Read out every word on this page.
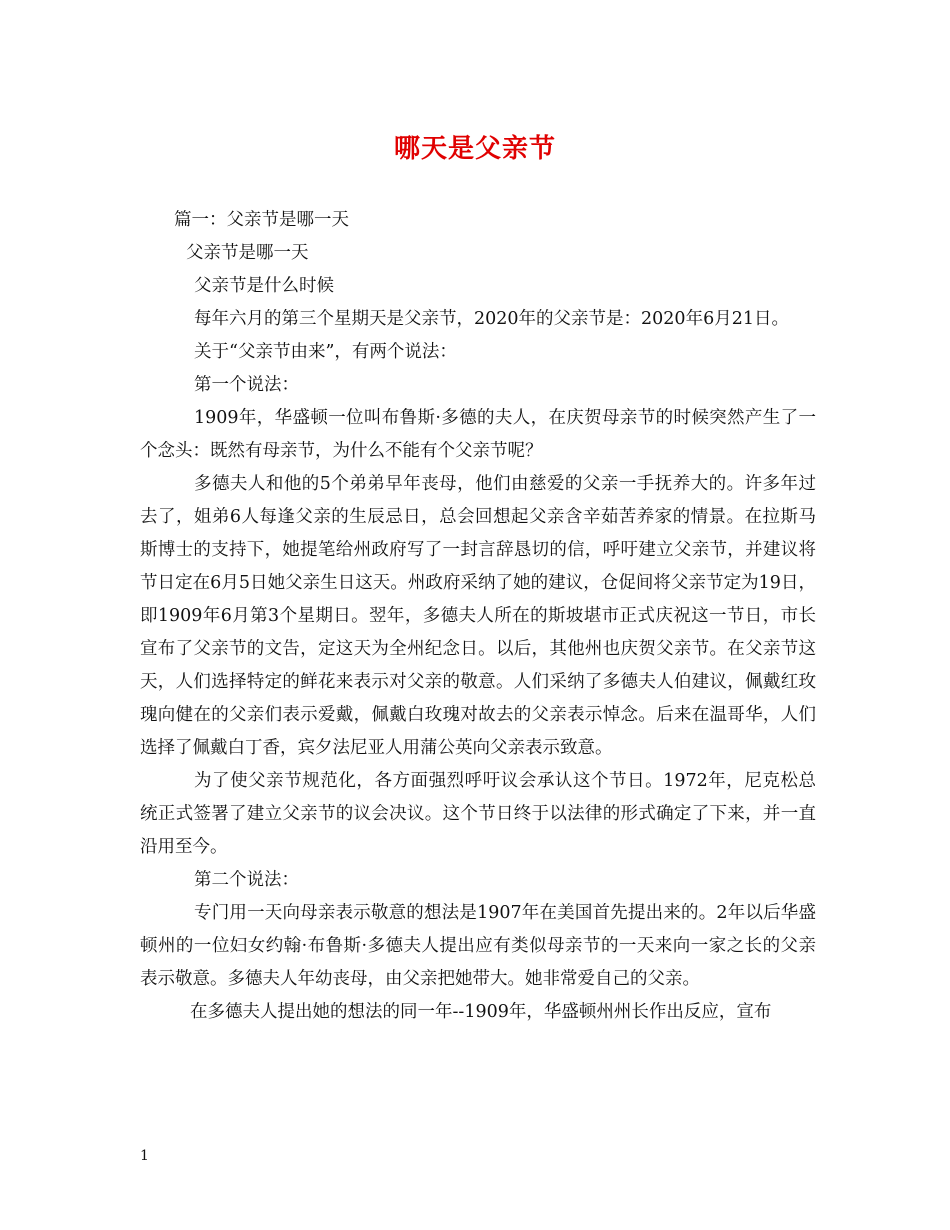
哪天是父亲节

篇一：父亲节是哪一天

父亲节是哪一天

父亲节是什么时候

每年六月的第三个星期天是父亲节，2020年的父亲节是：2020年6月21日。

关于“父亲节由来”，有两个说法：

第一个说法：

1909年，华盛顿一位叫布鲁斯·多德的夫人，在庆贺母亲节的时候突然产生了一个念头：既然有母亲节，为什么不能有个父亲节呢？

多德夫人和他的5个弟弟早年丧母，他们由慈爱的父亲一手抚养大的。许多年过去了，姐弟6人每逢父亲的生辰忌日，总会回想起父亲含辛茹苦养家的情景。在拉斯马斯博士的支持下，她提笔给州政府写了一封言辞恳切的信，呼吁建立父亲节，并建议将节日定在6月5日她父亲生日这天。州政府采纳了她的建议，仓促间将父亲节定为19日，即1909年6月第3个星期日。翌年，多德夫人所在的斯坡堪市正式庆祝这一节日，市长宣布了父亲节的文告，定这天为全州纪念日。以后，其他州也庆贺父亲节。在父亲节这天，人们选择特定的鲜花来表示对父亲的敬意。人们采纳了多德夫人伯建议，佩戴红玫瑰向健在的父亲们表示爱戴，佩戴白玫瑰对故去的父亲表示悼念。后来在温哥华，人们选择了佩戴白丁香，宾夕法尼亚人用蒲公英向父亲表示致意。

为了使父亲节规范化，各方面强烈呼吁议会承认这个节日。1972年，尼克松总统正式签署了建立父亲节的议会决议。这个节日终于以法律的形式确定了下来，并一直沿用至今。

第二个说法：

专门用一天向母亲表示敬意的想法是1907年在美国首先提出来的。2年以后华盛顿州的一位妇女约翰·布鲁斯·多德夫人提出应有类似母亲节的一天来向一家之长的父亲表示敬意。多德夫人年幼丧母，由父亲把她带大。她非常爱自己的父亲。

在多德夫人提出她的想法的同一年--1909年，华盛顿州州长作出反应，宣布

1
